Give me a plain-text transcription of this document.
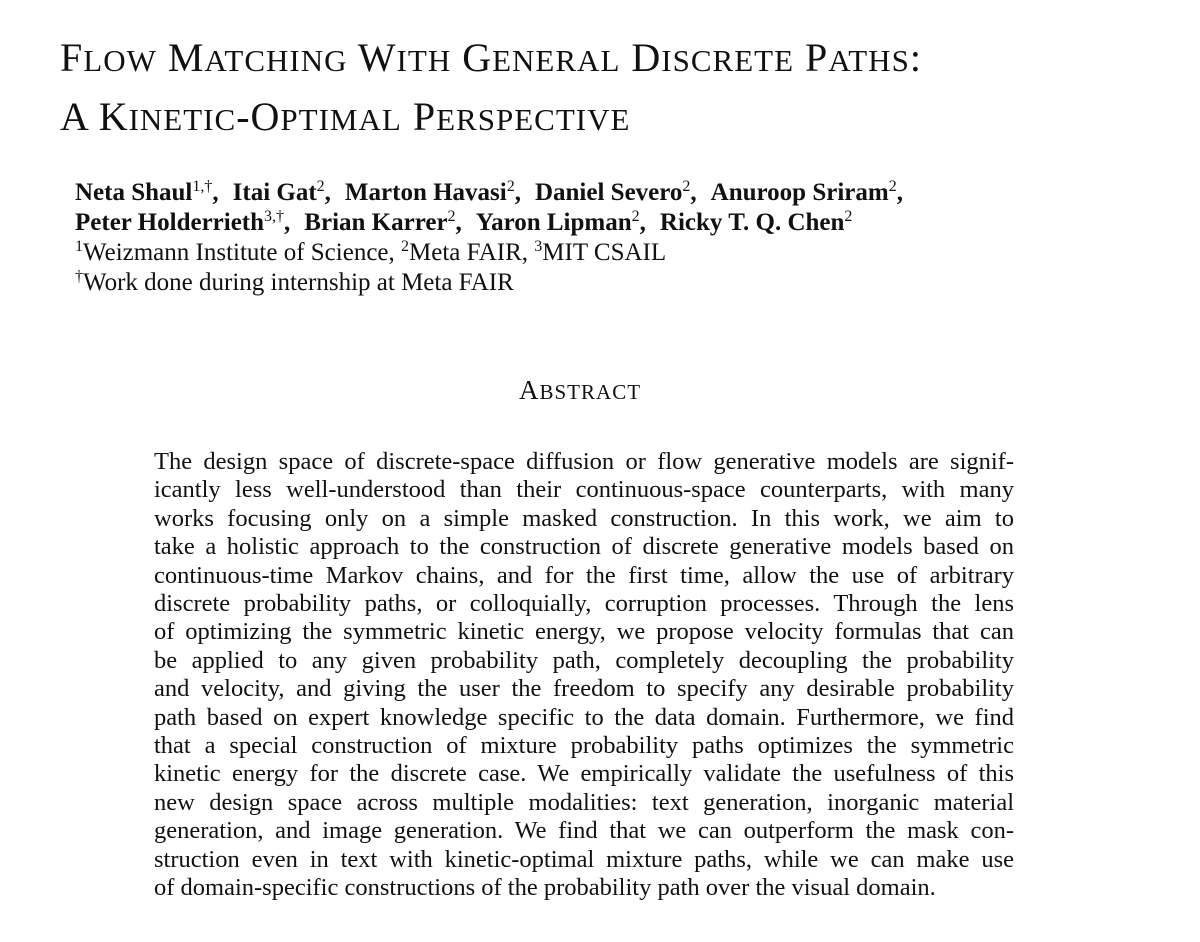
FLOW MATCHING WITH GENERAL DISCRETE PATHS:
A KINETIC-OPTIMAL PERSPECTIVE
Neta Shaul$^{1,\dagger}$, Itai Gat$^2$, Marton Havasi$^2$, Daniel Severo$^2$, Anuroop Sriram$^2$,
Peter Holderrieth$^{3,\dagger}$, Brian Karrer$^2$, Yaron Lipman$^2$, Ricky T. Q. Chen$^2$
$^1$Weizmann Institute of Science, $^2$Meta FAIR, $^3$MIT CSAIL
†Work done during internship at Meta FAIR
ABSTRACT
The design space of discrete-space diffusion or flow generative models are signif-
icantly less well-understood than their continuous-space counterparts, with many
works focusing only on a simple masked construction. In this work, we aim to
take a holistic approach to the construction of discrete generative models based on
continuous-time Markov chains, and for the first time, allow the use of arbitrary
discrete probability paths, or colloquially, corruption processes. Through the lens
of optimizing the symmetric kinetic energy, we propose velocity formulas that can
be applied to any given probability path, completely decoupling the probability
and velocity, and giving the user the freedom to specify any desirable probability
path based on expert knowledge specific to the data domain. Furthermore, we find
that a special construction of mixture probability paths optimizes the symmetric
kinetic energy for the discrete case. We empirically validate the usefulness of this
new design space across multiple modalities: text generation, inorganic material
generation, and image generation. We find that we can outperform the mask con-
struction even in text with kinetic-optimal mixture paths, while we can make use
of domain-specific constructions of the probability path over the visual domain.
